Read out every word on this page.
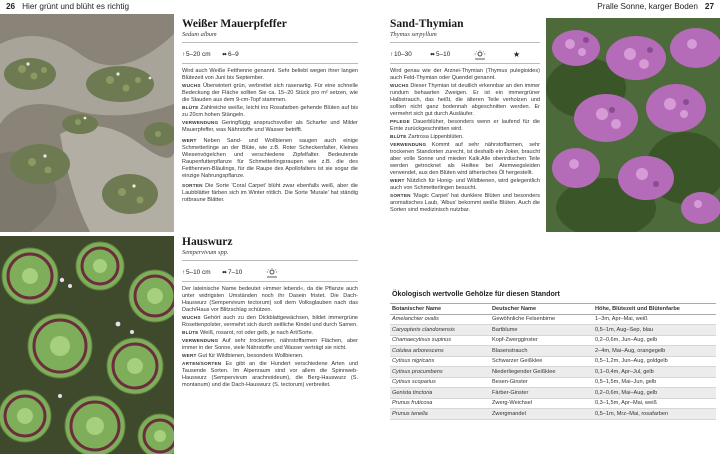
26 Hier grünt und blüht es richtig	Pralle Sonne, karger Boden 27
Weißer Mauerpfeffer
Sedum album
↑5–20 cm ⬌6–9

Wird auch Weiße Fetthenne genannt. Sehr beliebt wegen ihrer langen Blütezeit von Juni bis September.
WUCHS Überwintert grün, verbreitet sich rasenartig. Für eine schnelle Bedeckung der Fläche sollten Sie ca. 15–20 Stück pro m² setzen, wie die Stauden aus dem 9-cm-Topf stammen.
BLÜTE Zahlreiche weiße, leicht ins Rosafarben gehende Blüten auf bis zu 20cm hohen Stängeln.
VERWENDUNG Geringfügig anspruchsvoller als Scharfer und Milder Mauerpfeffer, was Nährstoffe und Wasser betrifft.

WERT Neben Sand- und Wollbienen saugen auch einige Schmetterlinge an der Blüte, wie z.B. Roter Scheckenfalter, Kleines Wiesenvögelchen und verschiedene Zipfelfalter. Bedeutende Raupenfutterpflanze für Schmetterlingsraupen wie z.B. die des Fetthennen-Bläulings, für die Raupe des Apollofalters ist sie sogar die einzige Nahrungspflanze.

SORTEN Die Sorte 'Coral Carpet' blüht zwar ebenfalls weiß, aber die Laubblätter färben sich im Winter rötlich. Die Sorte 'Murale' hat ständig rotbraune Blätter.

Hauswurz
Sempervivum spp.
↑5–10 cm ⬌7–10

Der lateinische Name bedeutet »immer lebend«, da die Pflanze auch unter widrigsten Umständen noch ihr Dasein fristet. Die Dach-Hauswurz (Sempervivum tectorum) soll dem Volksglauben nach das Dach/Haus vor Blitzschlag schützen.
WUCHS Gehört auch zu den Dickblattgewächsen, bildet immergrüne Rosettenpolster, vermehrt sich durch seitliche Kindel und durch Samen.
BLÜTE Weiß, rosarot, rot oder gelb, je nach Art/Sorte.
VERWENDUNG Auf sehr trockenen, nährstoffarmen Flächen, aber immer in der Sonne, viele Nährstoffe und Wasser verträgt sie nicht.
WERT Gut für Wildbienen, besonders Wollbienen.
ARTEN/SORTEN Es gibt an die Hundert verschiedene Arten und Tausende Sorten. Im Alpenraum sind vor allem die Spinnweb-Hauswurz (Sempervivum arachnoideum), die Berg-Hauswurz (S. montanum) und die Dach-Hauswurz (S. tectorum) verbreitet.

Sand-Thymian
Thymus serpyllum
↑10–30	⬌5–10	★

Wird genau wie der Arznei-Thymian (Thymus pulegioides) auch Feld-Thymian oder Quendel genannt.
WUCHS Dieser Thymian ist deutlich erkennbar an den immer rundum behaarten Zweigen. Er ist ein immergrüner Halbstrauch, das heißt, die älteren Teile verholzen und sollten nicht ganz bodennah abgeschnitten werden. Er vermehrt sich gut durch Ausläufer.
PFLEGE Dauerblüher, besonders wenn er laufend für die Ernte zurückgeschnitten wird.
BLÜTE Zartrosa Lippenblüten.
VERWENDUNG Kommt auf sehr nährstoffarmen, sehr trockenen Standorten zurecht, ist deshalb ein Joker, braucht aber volle Sonne und mieden Kalk.Alle oberirdischen Teile werden getrocknet als Heiltee bei Atemwegsleiden verwendet, aus den Blüten wird ätherisches Öl hergestellt.
WERT Nützlich für Honig- und Wildbienen, wird gelegentlich auch von Schmetterlingen besucht.
SORTEN 'Magic Carpet' hat dunklere Blüten und besonders aromatisches Laub, 'Albus' bekommt weiße Blüten. Auch die Sorten sind medizinisch nutzbar.

Ökologisch wertvolle Gehölze für diesen Standort
Botanischer Name	Deutscher Name	Höhe, Blütezeit und Blütenfarbe
Amelanchier ovalis	Gewöhnliche Felsenbirne	1–3m, Apr–Mai, weiß
Caryopteris clandonensis	Bartblume	0,5–1m, Aug–Sep, blau
Chamaecytisus supinus	Kopf-Zwergginster	0,2–0,6m, Jun–Aug, gelb
Colutea arborescens	Blasenstrauch	2–4m, Mai–Aug, orangegelb
Cytisus nigricans	Schwarzer Geißklee	0,5–1,2m, Jun–Aug, goldgelb
Cytisus procumbens	Niederliegender Geißklee	0,1–0,4m, Apr–Jul, gelb
Cytisus scoparius	Besen-Ginster	0,5–1,5m, Mai–Jun, gelb
Genista tinctoria	Färber-Ginster	0,2–0,6m, Mai–Aug, gelb
Prunus fruticosa	Zwerg-Weichsel	0,3–1,5m, Apr–Mai, weiß
Prunus tenella	Zwergmandel	0,5–1m, Mrz–Mai, rosafarben
